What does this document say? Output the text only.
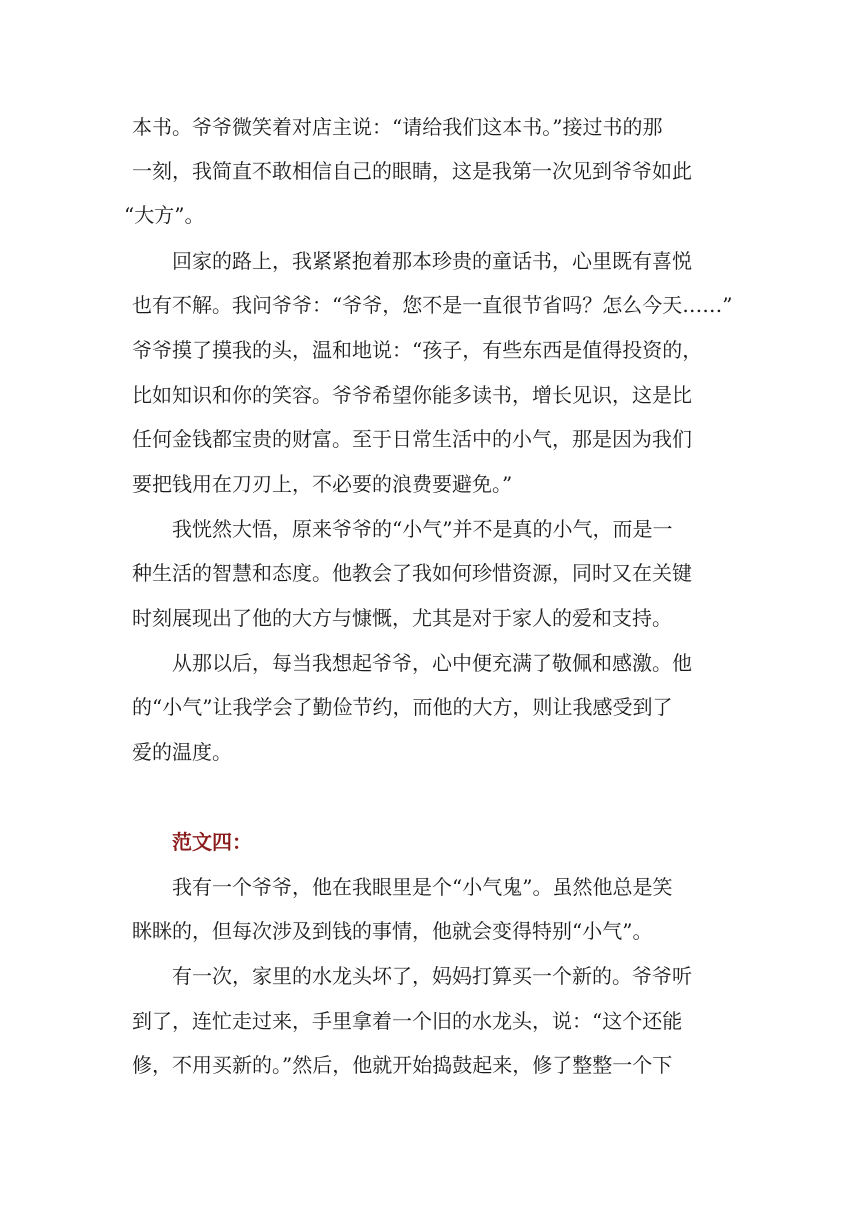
本书。爷爷微笑着对店主说：“请给我们这本书。”接过书的那
一刻，我简直不敢相信自己的眼睛，这是我第一次见到爷爷如此
“大方”。
回家的路上，我紧紧抱着那本珍贵的童话书，心里既有喜悦
也有不解。我问爷爷：“爷爷，您不是一直很节省吗？怎么今天……”
爷爷摸了摸我的头，温和地说：“孩子，有些东西是值得投资的，
比如知识和你的笑容。爷爷希望你能多读书，增长见识，这是比
任何金钱都宝贵的财富。至于日常生活中的小气，那是因为我们
要把钱用在刀刃上，不必要的浪费要避免。”
我恍然大悟，原来爷爷的“小气”并不是真的小气，而是一
种生活的智慧和态度。他教会了我如何珍惜资源，同时又在关键
时刻展现出了他的大方与慷慨，尤其是对于家人的爱和支持。
从那以后，每当我想起爷爷，心中便充满了敬佩和感激。他
的“小气”让我学会了勤俭节约，而他的大方，则让我感受到了
爱的温度。
范文四：
我有一个爷爷，他在我眼里是个“小气鬼”。虽然他总是笑
眯眯的，但每次涉及到钱的事情，他就会变得特别“小气”。
有一次，家里的水龙头坏了，妈妈打算买一个新的。爷爷听
到了，连忙走过来，手里拿着一个旧的水龙头，说：“这个还能
修，不用买新的。”然后，他就开始捣鼓起来，修了整整一个下
